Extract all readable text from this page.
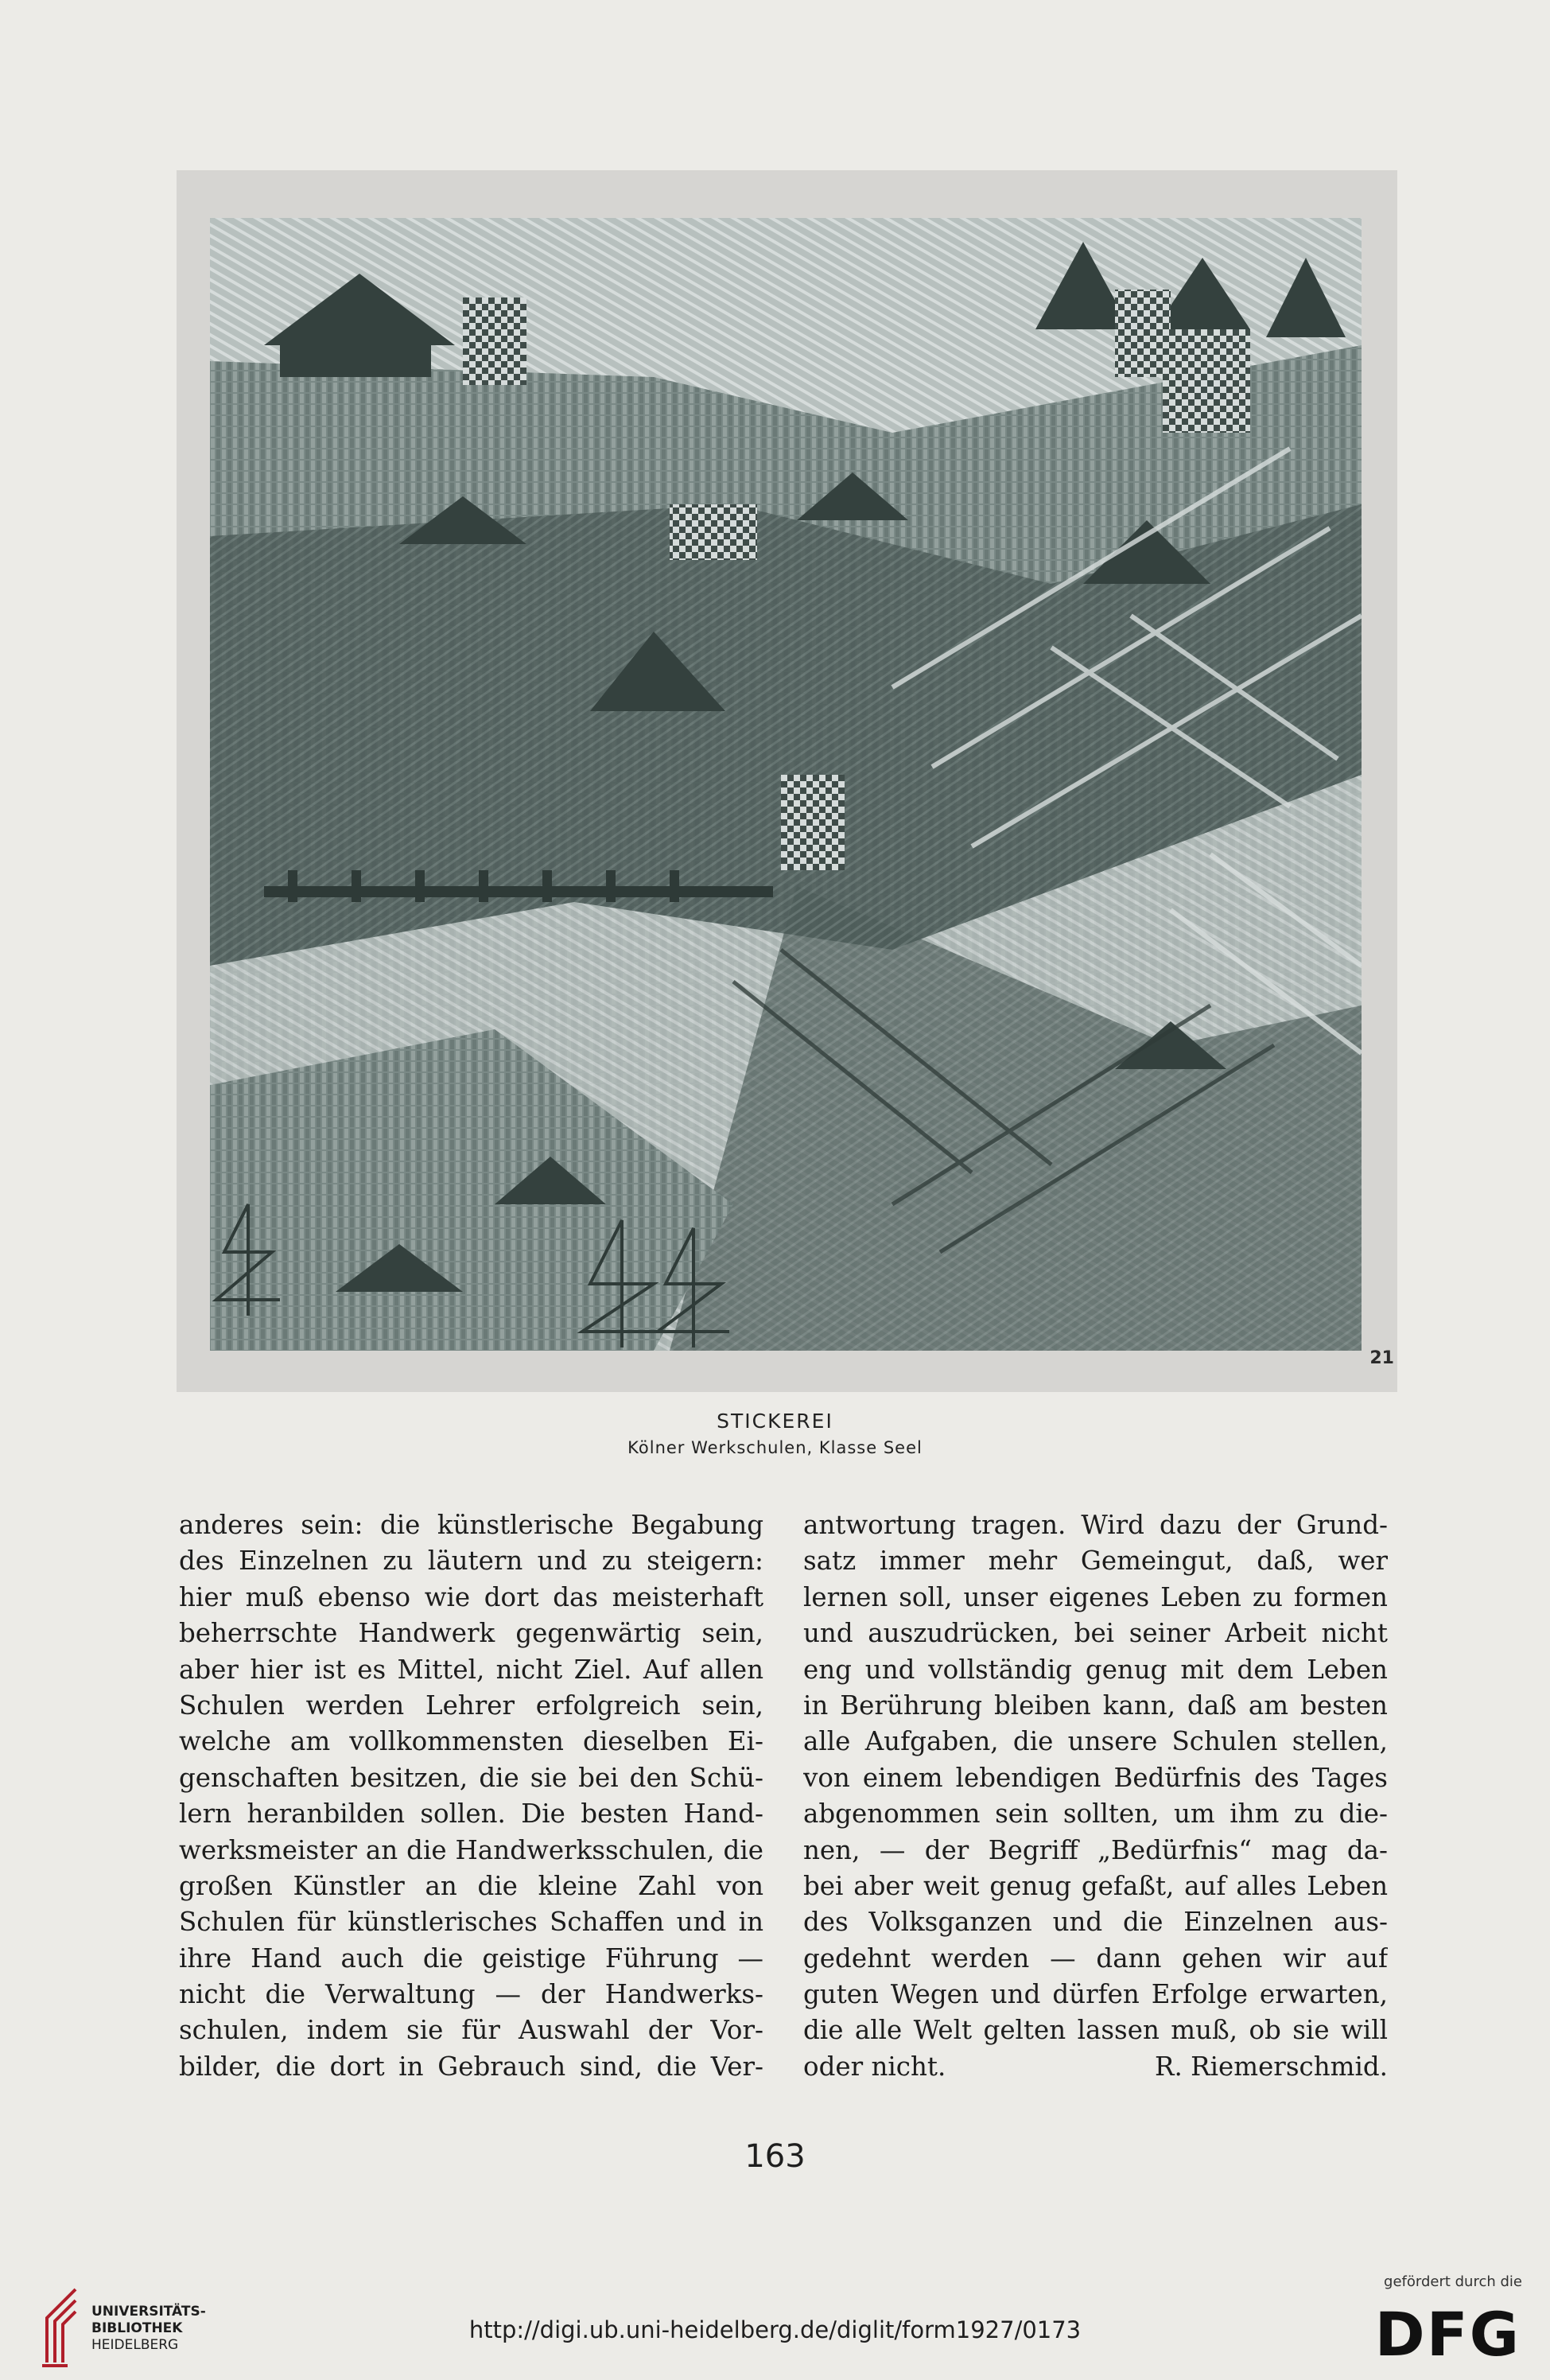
21
STICKEREI
Kölner Werkschulen, Klasse Seel
anderes sein: die künstlerische Begabung
des Einzelnen zu läutern und zu steigern:
hier muß ebenso wie dort das meisterhaft
beherrschte Handwerk gegenwärtig sein,
aber hier ist es Mittel, nicht Ziel. Auf allen
Schulen werden Lehrer erfolgreich sein,
welche am vollkommensten dieselben Ei-
genschaften besitzen, die sie bei den Schü-
lern heranbilden sollen. Die besten Hand-
werksmeister an die Handwerksschulen, die
großen Künstler an die kleine Zahl von
Schulen für künstlerisches Schaffen und in
ihre Hand auch die geistige Führung —
nicht die Verwaltung — der Handwerks-
schulen, indem sie für Auswahl der Vor-
bilder, die dort in Gebrauch sind, die Ver-
antwortung tragen. Wird dazu der Grund-
satz immer mehr Gemeingut, daß, wer
lernen soll, unser eigenes Leben zu formen
und auszudrücken, bei seiner Arbeit nicht
eng und vollständig genug mit dem Leben
in Berührung bleiben kann, daß am besten
alle Aufgaben, die unsere Schulen stellen,
von einem lebendigen Bedürfnis des Tages
abgenommen sein sollten, um ihm zu die-
nen, — der Begriff „Bedürfnis“ mag da-
bei aber weit genug gefaßt, auf alles Leben
des Volksganzen und die Einzelnen aus-
gedehnt werden — dann gehen wir auf
guten Wegen und dürfen Erfolge erwarten,
die alle Welt gelten lassen muß, ob sie will
oder nicht.	R. Riemerschmid.
163
UNIVERSITÄTS-
BIBLIOTHEK
HEIDELBERG
http://digi.ub.uni-heidelberg.de/diglit/form1927/0173
gefördert durch die
DFG
